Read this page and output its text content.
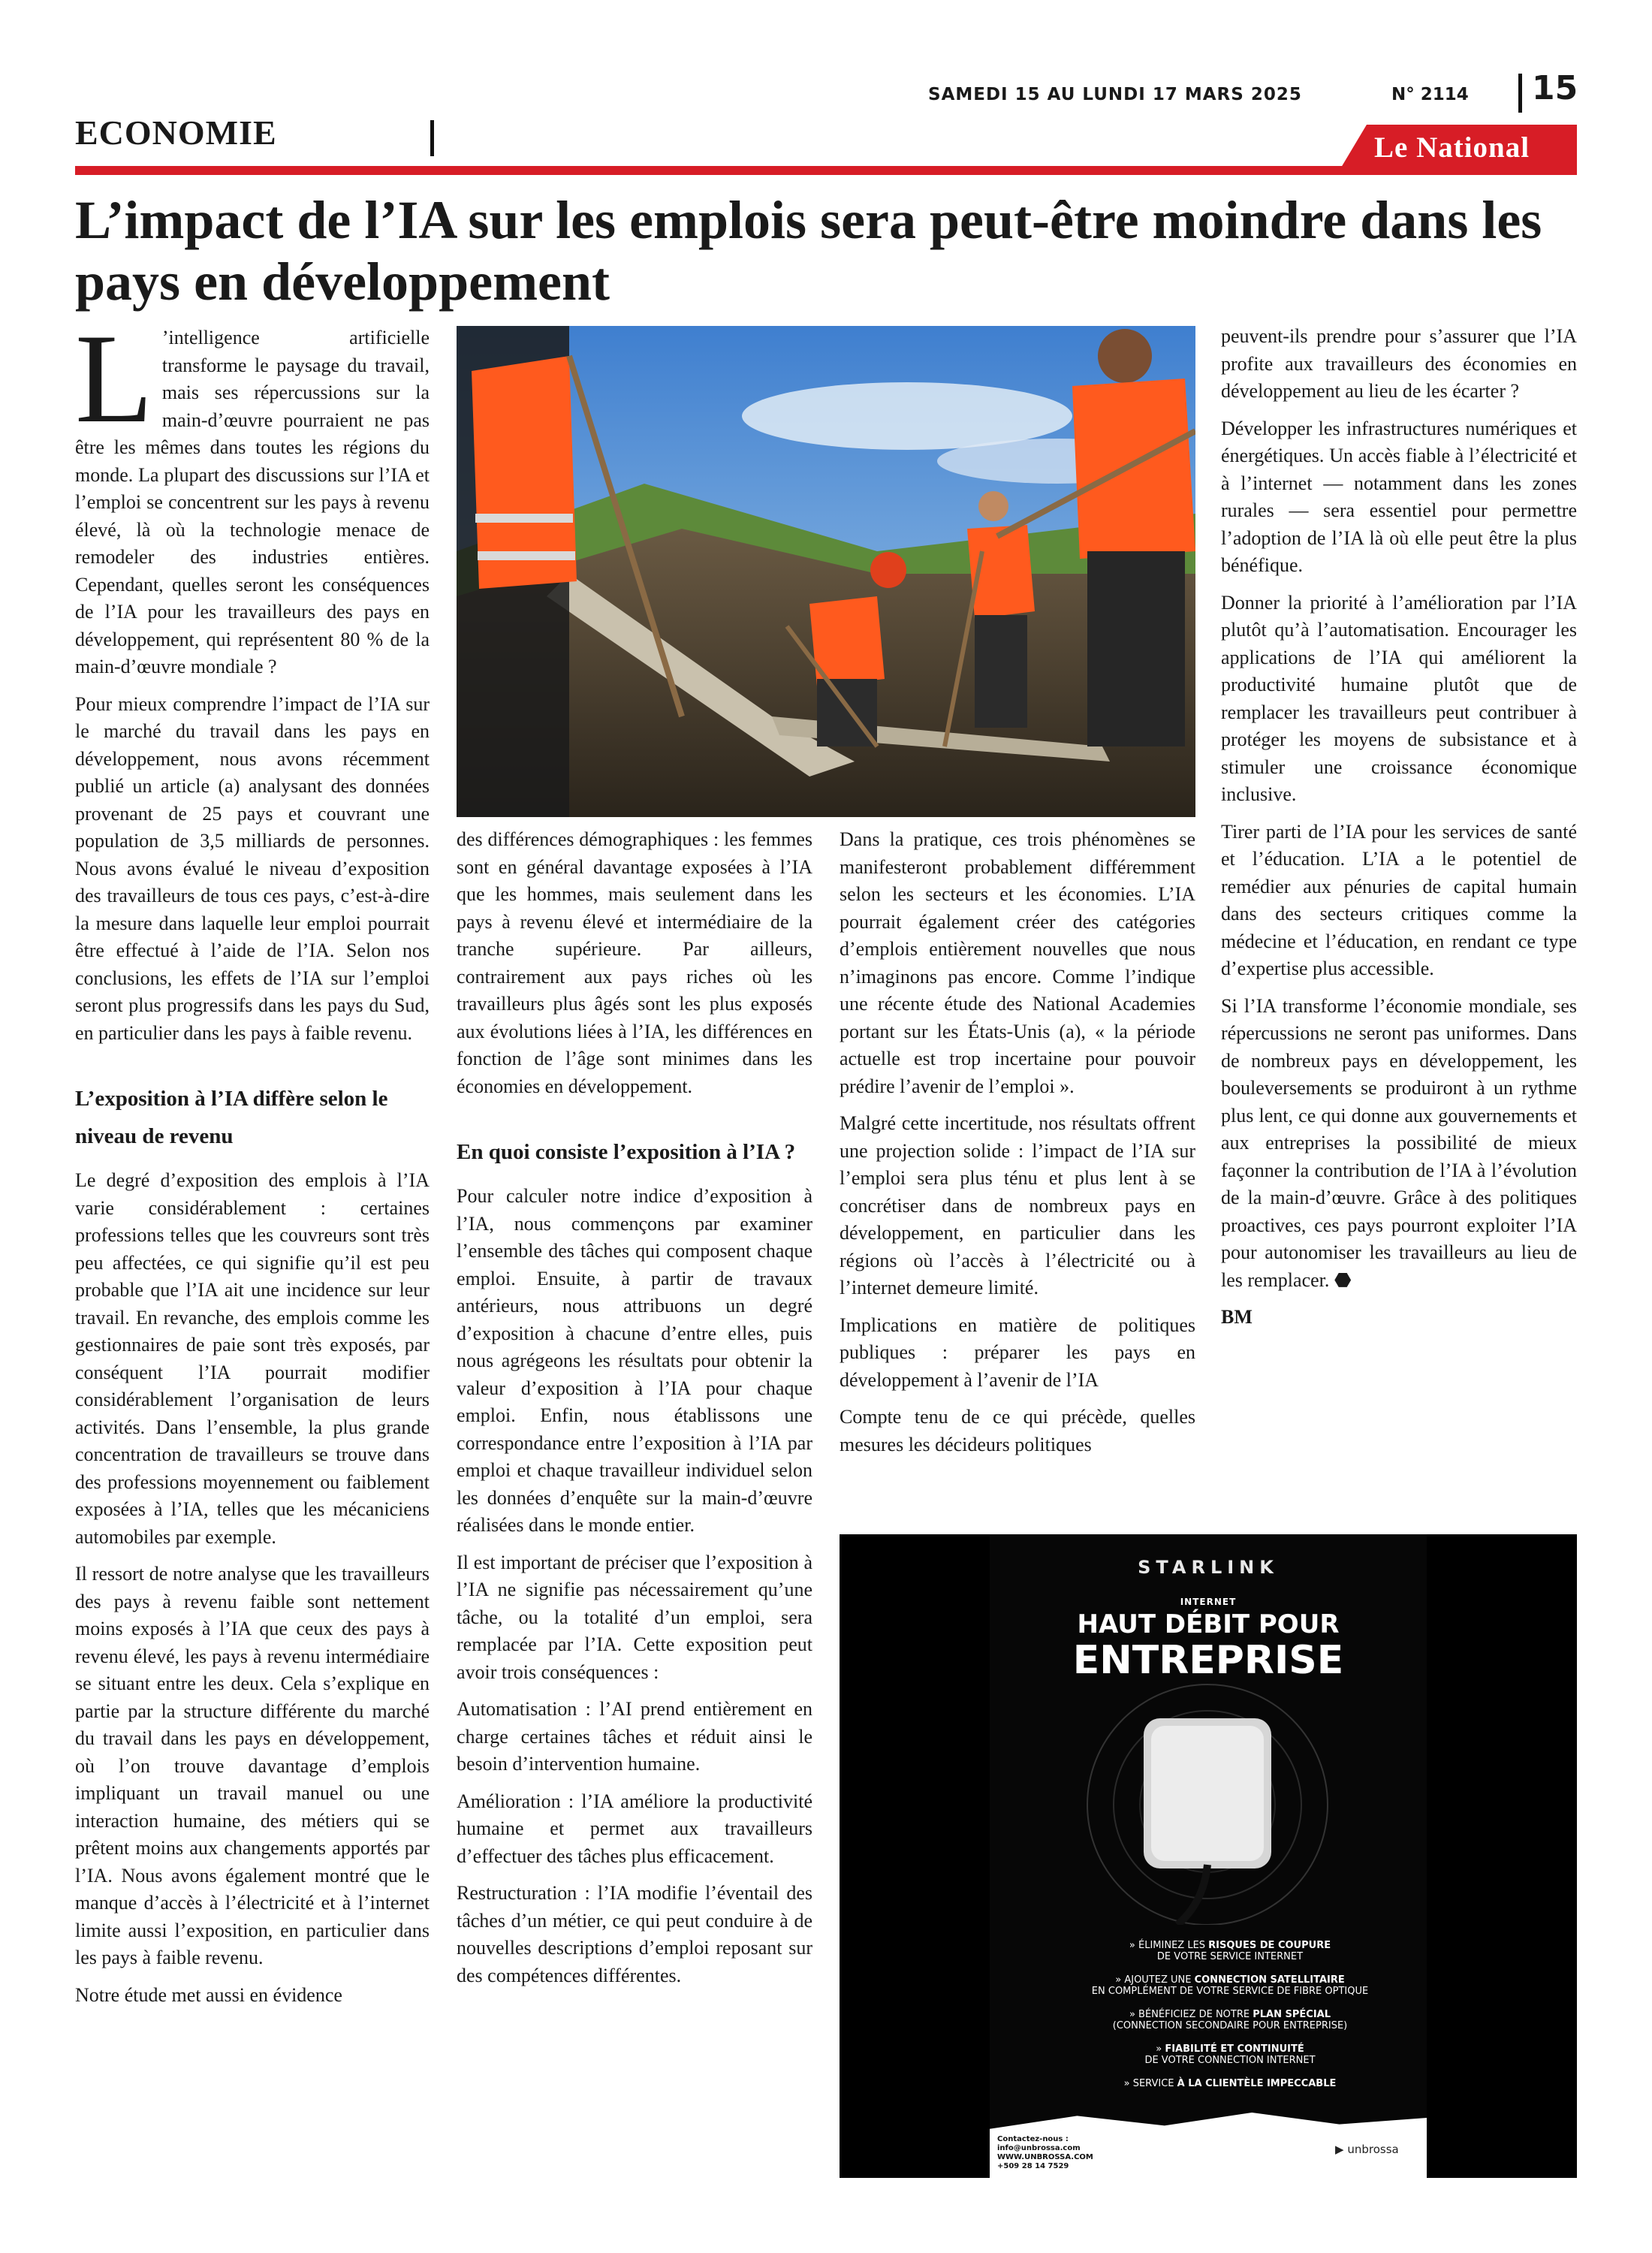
SAMEDI 15 AU LUNDI 17 MARS 2025	N° 2114 15
ECONOMIE	Le National
L’impact de l’IA sur les emplois sera peut-être moindre dans les pays en développement

L ’intelligence artificielle transforme le paysage du travail, mais ses répercussions sur la main-d’œuvre pourraient ne pas être les mêmes dans toutes les régions du monde. La plupart des discussions sur l’IA et l’emploi se concentrent sur les pays à revenu élevé, là où la technologie menace de remodeler des industries entières. Cependant, quelles seront les conséquences de l’IA pour les travailleurs des pays en développement, qui représentent 80 % de la main-d’œuvre mondiale ?

Pour mieux comprendre l’impact de l’IA sur le marché du travail dans les pays en développement, nous avons récemment publié un article (a) analysant des données provenant de 25 pays et couvrant une population de 3,5 milliards de personnes. Nous avons évalué le niveau d’exposition des travailleurs de tous ces pays, c’est-à-dire la mesure dans laquelle leur emploi pourrait être effectué à l’aide de l’IA. Selon nos conclusions, les effets de l’IA sur l’emploi seront plus progressifs dans les pays du Sud, en particulier dans les pays à faible revenu.

L’exposition à l’IA diffère selon le niveau de revenu

Le degré d’exposition des emplois à l’IA varie considérablement : certaines professions telles que les couvreurs sont très peu affectées, ce qui signifie qu’il est peu probable que l’IA ait une incidence sur leur travail. En revanche, des emplois comme les gestionnaires de paie sont très exposés, par conséquent l’IA pourrait modifier considérablement l’organisation de leurs activités. Dans l’ensemble, la plus grande concentration de travailleurs se trouve dans des professions moyennement ou faiblement exposées à l’IA, telles que les mécaniciens automobiles par exemple.

Il ressort de notre analyse que les travailleurs des pays à revenu faible sont nettement moins exposés à l’IA que ceux des pays à revenu élevé, les pays à revenu intermédiaire se situant entre les deux. Cela s’explique en partie par la structure différente du marché du travail dans les pays en développement, où l’on trouve davantage d’emplois impliquant un travail manuel ou une interaction humaine, des métiers qui se prêtent moins aux changements apportés par l’IA. Nous avons également montré que le manque d’accès à l’électricité et à l’internet limite aussi l’exposition, en particulier dans les pays à faible revenu.

Notre étude met aussi en évidence

des différences démographiques : les femmes sont en général davantage exposées à l’IA que les hommes, mais seulement dans les pays à revenu élevé et intermédiaire de la tranche supérieure. Par ailleurs, contrairement aux pays riches où les travailleurs plus âgés sont les plus exposés aux évolutions liées à l’IA, les différences en fonction de l’âge sont minimes dans les économies en développement.

En quoi consiste l’exposition à l’IA ?

Pour calculer notre indice d’exposition à l’IA, nous commençons par examiner l’ensemble des tâches qui composent chaque emploi. Ensuite, à partir de travaux antérieurs, nous attribuons un degré d’exposition à chacune d’entre elles, puis nous agrégeons les résultats pour obtenir la valeur d’exposition à l’IA pour chaque emploi. Enfin, nous établissons une correspondance entre l’exposition à l’IA par emploi et chaque travailleur individuel selon les données d’enquête sur la main-d’œuvre réalisées dans le monde entier.

Il est important de préciser que l’exposition à l’IA ne signifie pas nécessairement qu’une tâche, ou la totalité d’un emploi, sera remplacée par l’IA. Cette exposition peut avoir trois conséquences :

Automatisation : l’AI prend entièrement en charge certaines tâches et réduit ainsi le besoin d’intervention humaine.

Amélioration : l’IA améliore la productivité humaine et permet aux travailleurs d’effectuer des tâches plus efficacement.

Restructuration : l’IA modifie l’éventail des tâches d’un métier, ce qui peut conduire à de nouvelles descriptions d’emploi reposant sur des compétences différentes.

Dans la pratique, ces trois phénomènes se manifesteront probablement différemment selon les secteurs et les économies. L’IA pourrait également créer des catégories d’emplois entièrement nouvelles que nous n’imaginons pas encore. Comme l’indique une récente étude des National Academies portant sur les États-Unis (a), « la période actuelle est trop incertaine pour pouvoir prédire l’avenir de l’emploi ».

Malgré cette incertitude, nos résultats offrent une projection solide : l’impact de l’IA sur l’emploi sera plus ténu et plus lent à se concrétiser dans de nombreux pays en développement, en particulier dans les régions où l’accès à l’électricité ou à l’internet demeure limité.

Implications en matière de politiques publiques : préparer les pays en développement à l’avenir de l’IA

Compte tenu de ce qui précède, quelles mesures les décideurs politiques

peuvent-ils prendre pour s’assurer que l’IA profite aux travailleurs des économies en développement au lieu de les écarter ?

Développer les infrastructures numériques et énergétiques. Un accès fiable à l’électricité et à l’internet — notamment dans les zones rurales — sera essentiel pour permettre l’adoption de l’IA là où elle peut être la plus bénéfique.

Donner la priorité à l’amélioration par l’IA plutôt qu’à l’automatisation. Encourager les applications de l’IA qui améliorent la productivité humaine plutôt que de remplacer les travailleurs peut contribuer à protéger les moyens de subsistance et à stimuler une croissance économique inclusive.

Tirer parti de l’IA pour les services de santé et l’éducation. L’IA a le potentiel de remédier aux pénuries de capital humain dans des secteurs critiques comme la médecine et l’éducation, en rendant ce type d’expertise plus accessible.

Si l’IA transforme l’économie mondiale, ses répercussions ne seront pas uniformes. Dans de nombreux pays en développement, les bouleversements se produiront à un rythme plus lent, ce qui donne aux gouvernements et aux entreprises la possibilité de mieux façonner la contribution de l’IA à l’évolution de la main-d’œuvre. Grâce à des politiques proactives, ces pays pourront exploiter l’IA pour autonomiser les travailleurs au lieu de les remplacer. ⬣

BM

STARLINK
INTERNET
HAUT DÉBIT POUR
ENTREPRISE
» ÉLIMINEZ LES RISQUES DE COUPURE
DE VOTRE SERVICE INTERNET
» AJOUTEZ UNE CONNECTION SATELLITAIRE
EN COMPLÉMENT DE VOTRE SERVICE DE FIBRE OPTIQUE
» BÉNÉFICIEZ DE NOTRE PLAN SPÉCIAL
(CONNECTION SECONDAIRE POUR ENTREPRISE)
» FIABILITÉ ET CONTINUITÉ
DE VOTRE CONNECTION INTERNET
» SERVICE À LA CLIENTÈLE IMPECCABLE
Contactez-nous :
info@unbrossa.com
WWW.UNBROSSA.COM
+509 28 14 7529
▶ unbrossa
